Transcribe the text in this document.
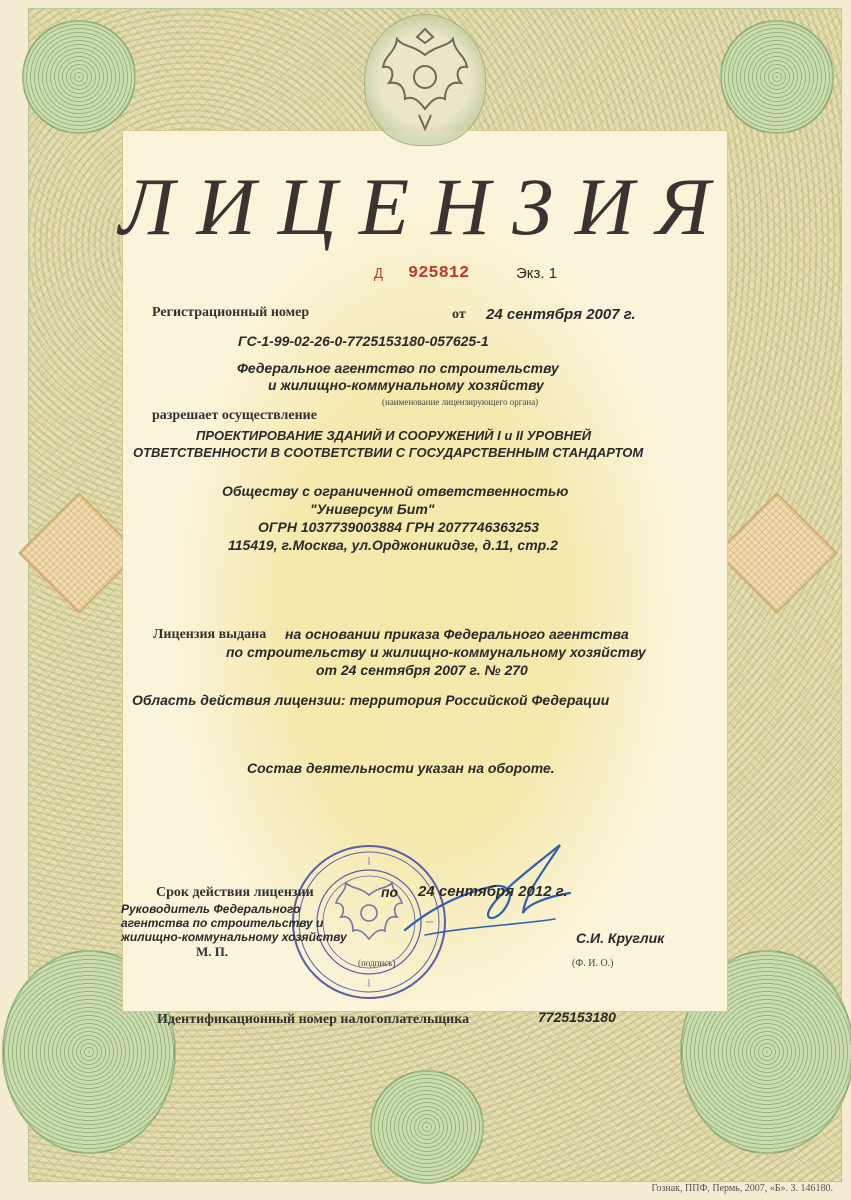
ЛИЦЕНЗИЯ
Д 925812	Экз. 1
Регистрационный номер	от 24 сентября 2007 г.
ГС-1-99-02-26-0-7725153180-057625-1
Федеральное агентство по строительству
и жилищно-коммунальному хозяйству
(наименование лицензирующего органа)
разрешает осуществление
ПРОЕКТИРОВАНИЕ ЗДАНИЙ И СООРУЖЕНИЙ I и II УРОВНЕЙ
ОТВЕТСТВЕННОСТИ В СООТВЕТСТВИИ С ГОСУДАРСТВЕННЫМ СТАНДАРТОМ
Обществу с ограниченной ответственностью
"Универсум Бит"
ОГРН 1037739003884 ГРН 2077746363253
115419, г.Москва, ул.Орджоникидзе, д.11, стр.2
Лицензия выдана на основании приказа Федерального агентства
по строительству и жилищно-коммунальному хозяйству
от 24 сентября 2007 г. № 270
Область действия лицензии: территория Российской Федерации
Состав деятельности указан на обороте.
Срок действия лицензии	по 24 сентября 2012 г.
Руководитель Федерального
агентства по строительству и
жилищно-коммунальному хозяйству
М. П.
(подпись)
С.И. Круглик
(Ф. И. О.)
Идентификационный номер налогоплательщика	7725153180
Гознак, ППФ, Пермь, 2007, «Б». З. 146180.
